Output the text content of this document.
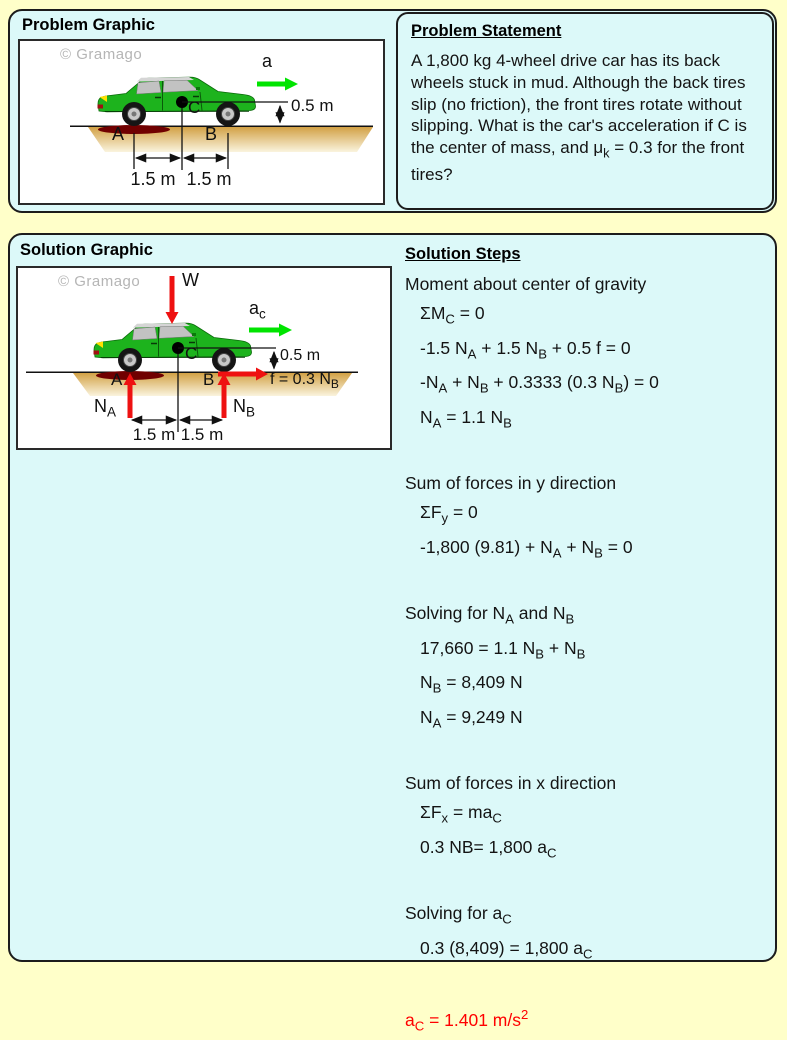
Problem Graphic
© Gramago	a
0.5 m
C
A	B
1.5 m 1.5 m
Problem Statement
A 1,800 kg 4-wheel drive car has its back wheels stuck in mud. Although the back tires slip (no friction), the front tires rotate without slipping. What is the car's acceleration if C is the center of mass, and $\mu_k = 0.3$ for the front tires?
Solution Graphic
© Gramago W
$a_c$
0.5 m
C
A	B
$N_A$	$N_B$
f = 0.3 $N_B$
1.5 m 1.5 m
Solution Steps
Moment about center of gravity
$\Sigma M_C = 0$
-1.5 $N_A + 1.5$ $N_B + 0.5$ f = 0
$-N_A + N_B + 0.3333$ (0.3 $N_B) = 0$
$N_A = 1.1$ $N_B$
Sum of forces in y direction
$\Sigma F_y = 0$
-1,800 $(9.81) + N_A + N_B = 0$
Solving for $N_A$ and $N_B$
17,660 = 1.1 $N_B + N_B$
$N_B = 8,409$ N
$N_A = 9,249$ N
Sum of forces in x direction
$\Sigma F_x = ma_C$
0.3 NB= 1,800 $a_C$
Solving for $a_C$
0.3 (8,409) = 1,800 $a_C$
$a_C = 1.401$ $m/s^2$
